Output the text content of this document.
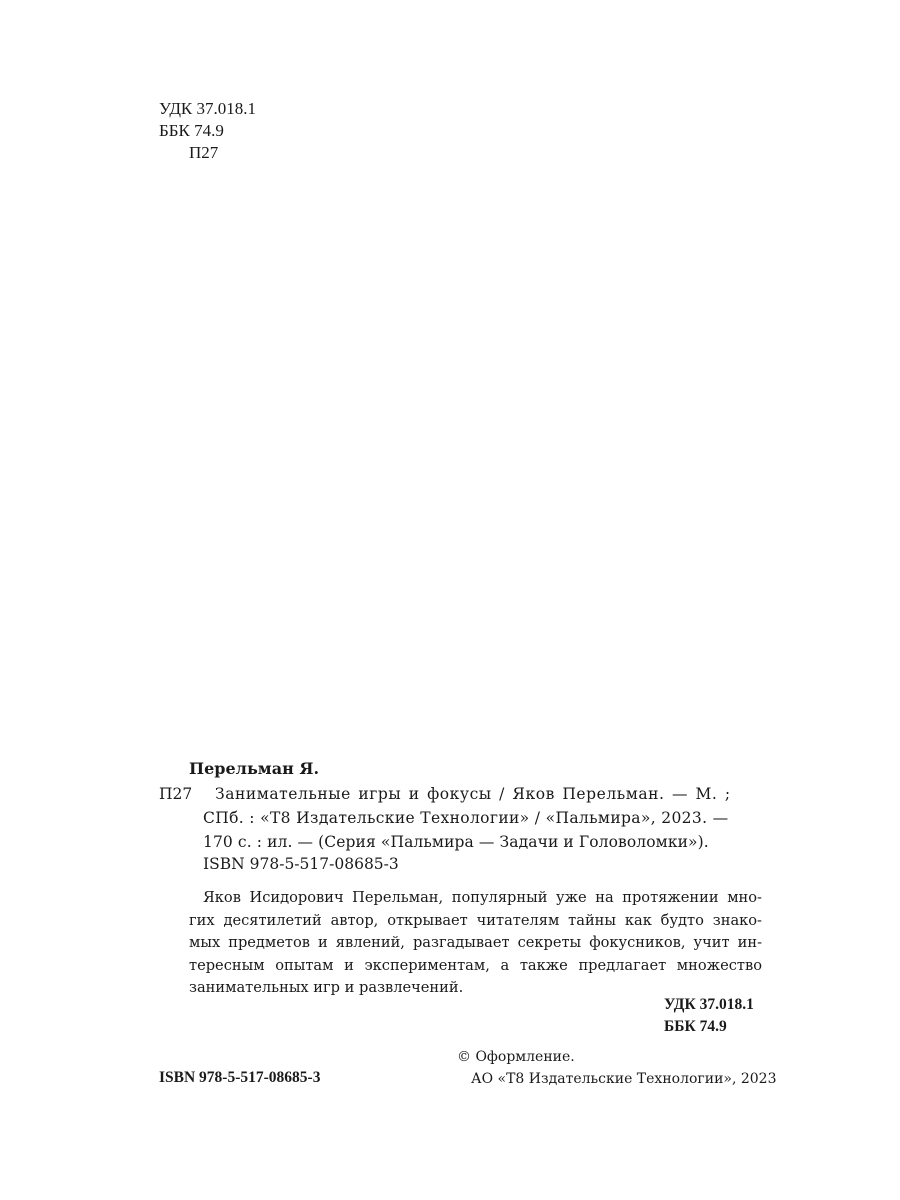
УДК 37.018.1
ББК 74.9
П27
Перельман Я.
П27	Занимательные игры и фокусы / Яков Перельман. — М. ;
СПб. : «Т8 Издательские Технологии» / «Пальмира», 2023. —
170 с. : ил. — (Серия «Пальмира — Задачи и Головоломки»).
ISBN 978-5-517-08685-3
Яков Исидорович Перельман, популярный уже на протяжении мно-
гих десятилетий автор, открывает читателям тайны как будто знако-
мых предметов и явлений, разгадывает секреты фокусников, учит ин-
тересным опытам и экспериментам, а также предлагает множество
занимательных игр и развлечений.
УДК 37.018.1
ББК 74.9
ISBN 978-5-517-08685-3
© Оформление.
АО «Т8 Издательские Технологии», 2023
